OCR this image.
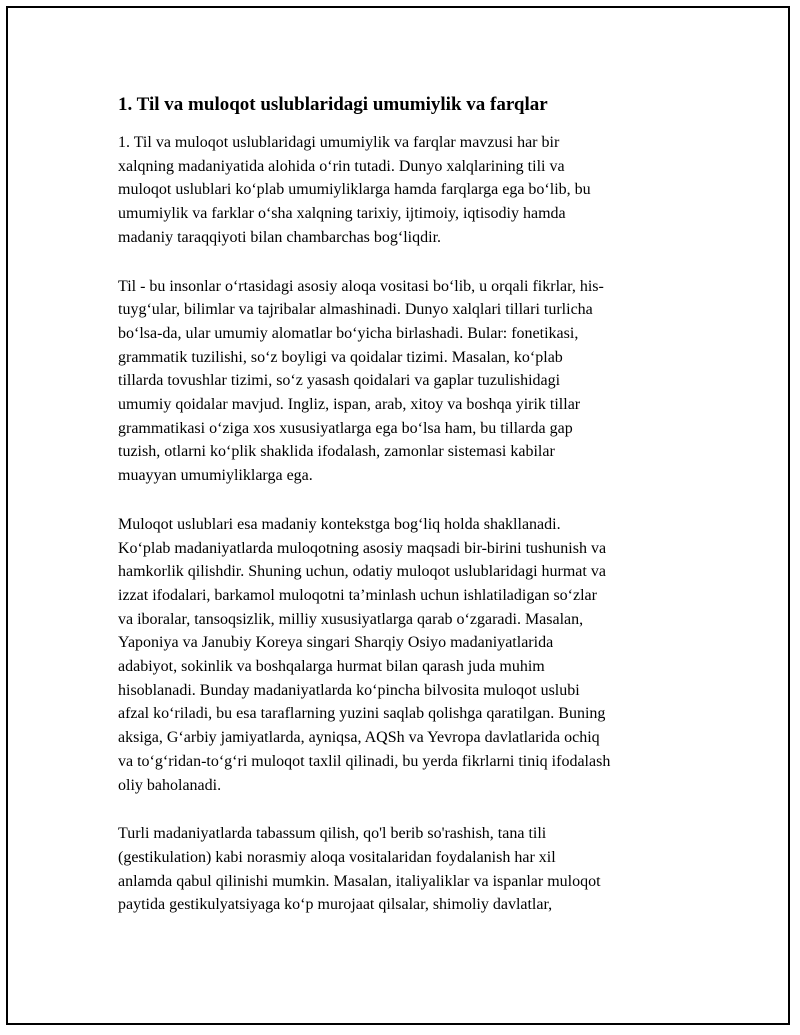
1. Til va muloqot uslublaridagi umumiylik va farqlar

1. Til va muloqot uslublaridagi umumiylik va farqlar mavzusi har bir
xalqning madaniyatida alohida o‘rin tutadi. Dunyo xalqlarining tili va
muloqot uslublari ko‘plab umumiyliklarga hamda farqlarga ega bo‘lib, bu
umumiylik va farklar o‘sha xalqning tarixiy, ijtimoiy, iqtisodiy hamda
madaniy taraqqiyoti bilan chambarchas bog‘liqdir.

Til - bu insonlar o‘rtasidagi asosiy aloqa vositasi bo‘lib, u orqali fikrlar, his-
tuyg‘ular, bilimlar va tajribalar almashinadi. Dunyo xalqlari tillari turlicha
bo‘lsa-da, ular umumiy alomatlar bo‘yicha birlashadi. Bular: fonetikasi,
grammatik tuzilishi, so‘z boyligi va qoidalar tizimi. Masalan, ko‘plab
tillarda tovushlar tizimi, so‘z yasash qoidalari va gaplar tuzulishidagi
umumiy qoidalar mavjud. Ingliz, ispan, arab, xitoy va boshqa yirik tillar
grammatikasi o‘ziga xos xususiyatlarga ega bo‘lsa ham, bu tillarda gap
tuzish, otlarni ko‘plik shaklida ifodalash, zamonlar sistemasi kabilar
muayyan umumiyliklarga ega.

Muloqot uslublari esa madaniy kontekstga bog‘liq holda shakllanadi.
Ko‘plab madaniyatlarda muloqotning asosiy maqsadi bir-birini tushunish va
hamkorlik qilishdir. Shuning uchun, odatiy muloqot uslublaridagi hurmat va
izzat ifodalari, barkamol muloqotni ta’minlash uchun ishlatiladigan so‘zlar
va iboralar, tansoqsizlik, milliy xususiyatlarga qarab o‘zgaradi. Masalan,
Yaponiya va Janubiy Koreya singari Sharqiy Osiyo madaniyatlarida
adabiyot, sokinlik va boshqalarga hurmat bilan qarash juda muhim
hisoblanadi. Bunday madaniyatlarda ko‘pincha bilvosita muloqot uslubi
afzal ko‘riladi, bu esa taraflarning yuzini saqlab qolishga qaratilgan. Buning
aksiga, G‘arbiy jamiyatlarda, ayniqsa, AQSh va Yevropa davlatlarida ochiq
va to‘g‘ridan-to‘g‘ri muloqot taxlil qilinadi, bu yerda fikrlarni tiniq ifodalash
oliy baholanadi.

Turli madaniyatlarda tabassum qilish, qo'l berib so'rashish, tana tili
(gestikulation) kabi norasmiy aloqa vositalaridan foydalanish har xil
anlamda qabul qilinishi mumkin. Masalan, italiyaliklar va ispanlar muloqot
paytida gestikulyatsiyaga ko‘p murojaat qilsalar, shimoliy davlatlar,
